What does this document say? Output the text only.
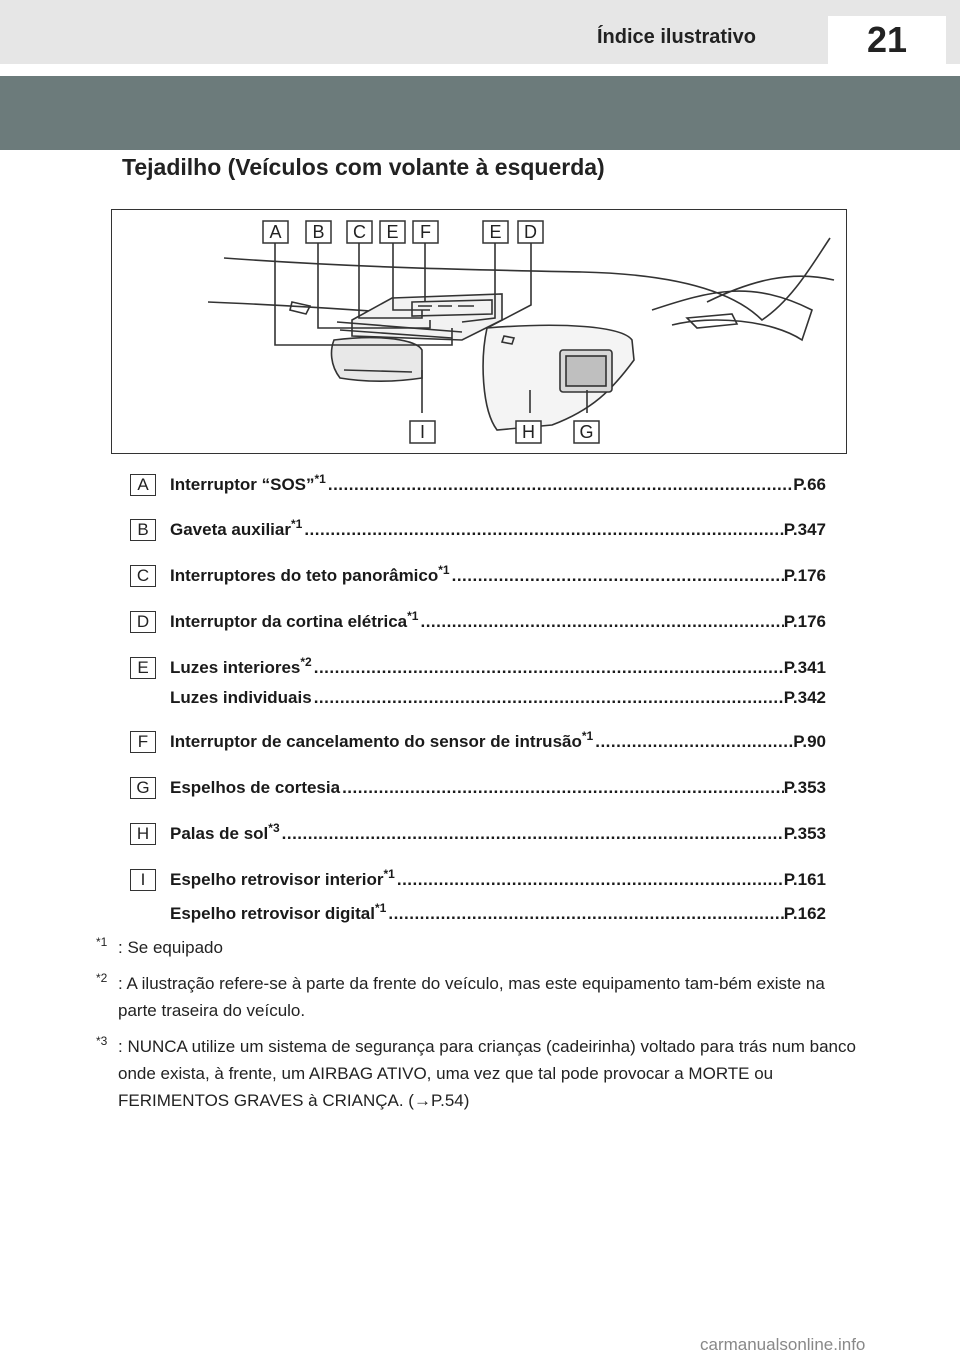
Índice ilustrativo	21
Tejadilho (Veículos com volante à esquerda)
A B C E F	E D
I	H G
A	Interruptor “SOS”$^{*1}$ .....	P.66
B	Gaveta auxiliar$^{*1}$ .....	P.347
C	Interruptores do teto panorâmico$^{*1}$ .....	P.176
D	Interruptor da cortina elétrica$^{*1}$ .....	P.176
E	Luzes interiores$^{*2}$ .....	P.341
Luzes individuais .....	P.342
F	Interruptor de cancelamento do sensor de intrusão$^{*1}$ .....	P.90
G	Espelhos de cortesia .....	P.353
H	Palas de sol$^{*3}$ .....	P.353
I	Espelho retrovisor interior$^{*1}$ .....	P.161
Espelho retrovisor digital$^{*1}$ .....	P.162
$^{*1}$	: Se equipado
$^{*2}$	: A ilustração refere-se à parte da frente do veículo, mas este equipamento tam-bém existe na parte traseira do veículo.
$^{*3}$	: NUNCA utilize um sistema de segurança para crianças (cadeirinha) voltado para trás num banco onde exista, à frente, um AIRBAG ATIVO, uma vez que tal pode provocar a MORTE ou FERIMENTOS GRAVES à CRIANÇA. (→P.54)
carmanualsonline.info
